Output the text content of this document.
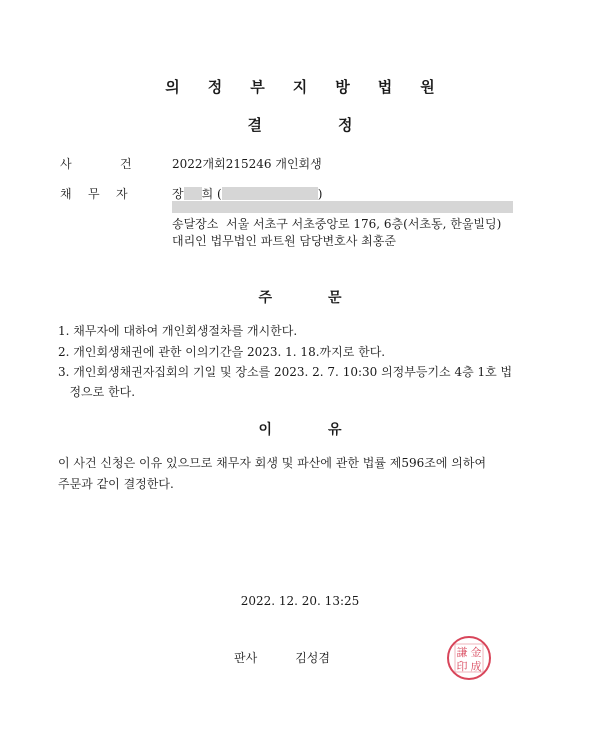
의 정 부 지 방 법 원
결	정
사	건	2022개회215246 개인회생
채 무 자	장 희 (	)
송달장소 서울 서초구 서초중앙로 176, 6층(서초동, 한울빌딩)
대리인 법무법인 파트원 담당변호사 최홍준
주	문
1. 채무자에 대하여 개인회생절차를 개시한다.
2. 개인회생채권에 관한 이의기간을 2023. 1. 18.까지로 한다.
3. 개인회생채권자집회의 기일 및 장소를 2023. 2. 7. 10:30 의정부등기소 4층 1호 법
정으로 한다.
이	유
이 사건 신청은 이유 있으므로 채무자 회생 및 파산에 관한 법률 제596조에 의하여
주문과 같이 결정한다.
2022. 12. 20. 13:25
판사	김성겸	金
成
印
謙
